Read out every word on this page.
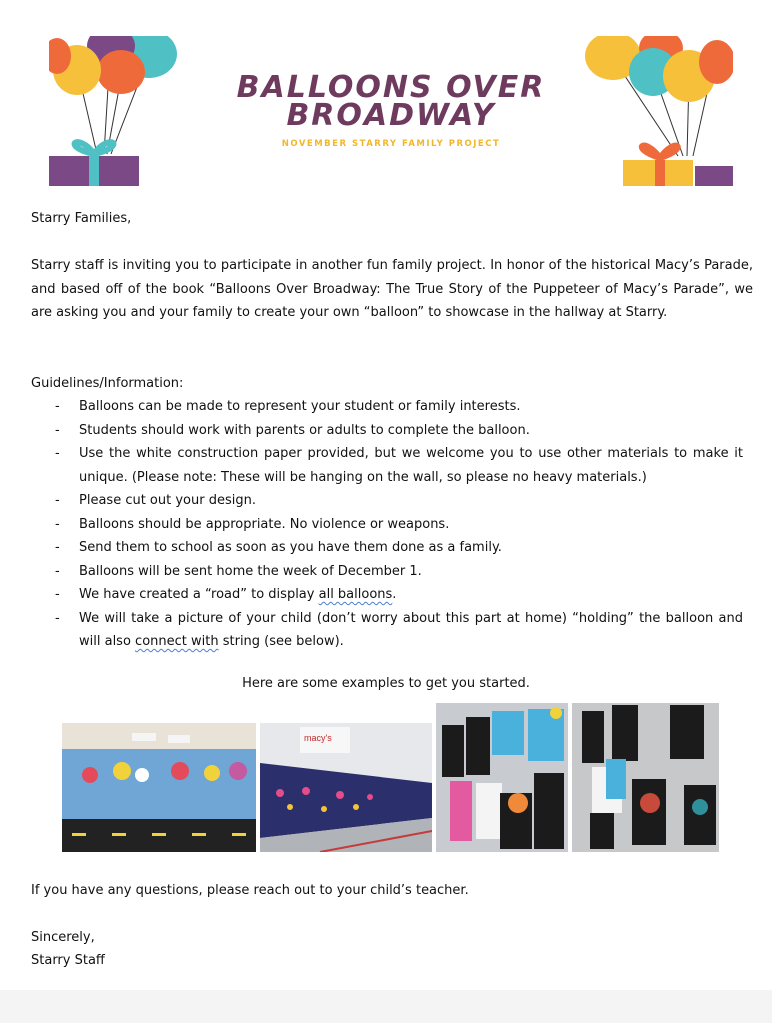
BALLOONS OVER
BROADWAY
NOVEMBER STARRY FAMILY PROJECT
Starry Families,
Starry staff is inviting you to participate in another fun family project. In honor of the historical Macy’s Parade, and based off of the book “Balloons Over Broadway: The True Story of the Puppeteer of Macy’s Parade”, we are asking you and your family to create your own “balloon” to showcase in the hallway at Starry.
Guidelines/Information:
- Balloons can be made to represent your student or family interests.
- Students should work with parents or adults to complete the balloon.
- Use the white construction paper provided, but we welcome you to use other materials to make it unique. (Please note: These will be hanging on the wall, so please no heavy materials.)
- Please cut out your design.
- Balloons should be appropriate. No violence or weapons.
- Send them to school as soon as you have them done as a family.
- Balloons will be sent home the week of December 1.
- We have created a “road” to display all balloons.
- We will take a picture of your child (don’t worry about this part at home) “holding” the balloon and will also connect with string (see below).
Here are some examples to get you started.
macy's
If you have any questions, please reach out to your child’s teacher.
Sincerely,
Starry Staff
